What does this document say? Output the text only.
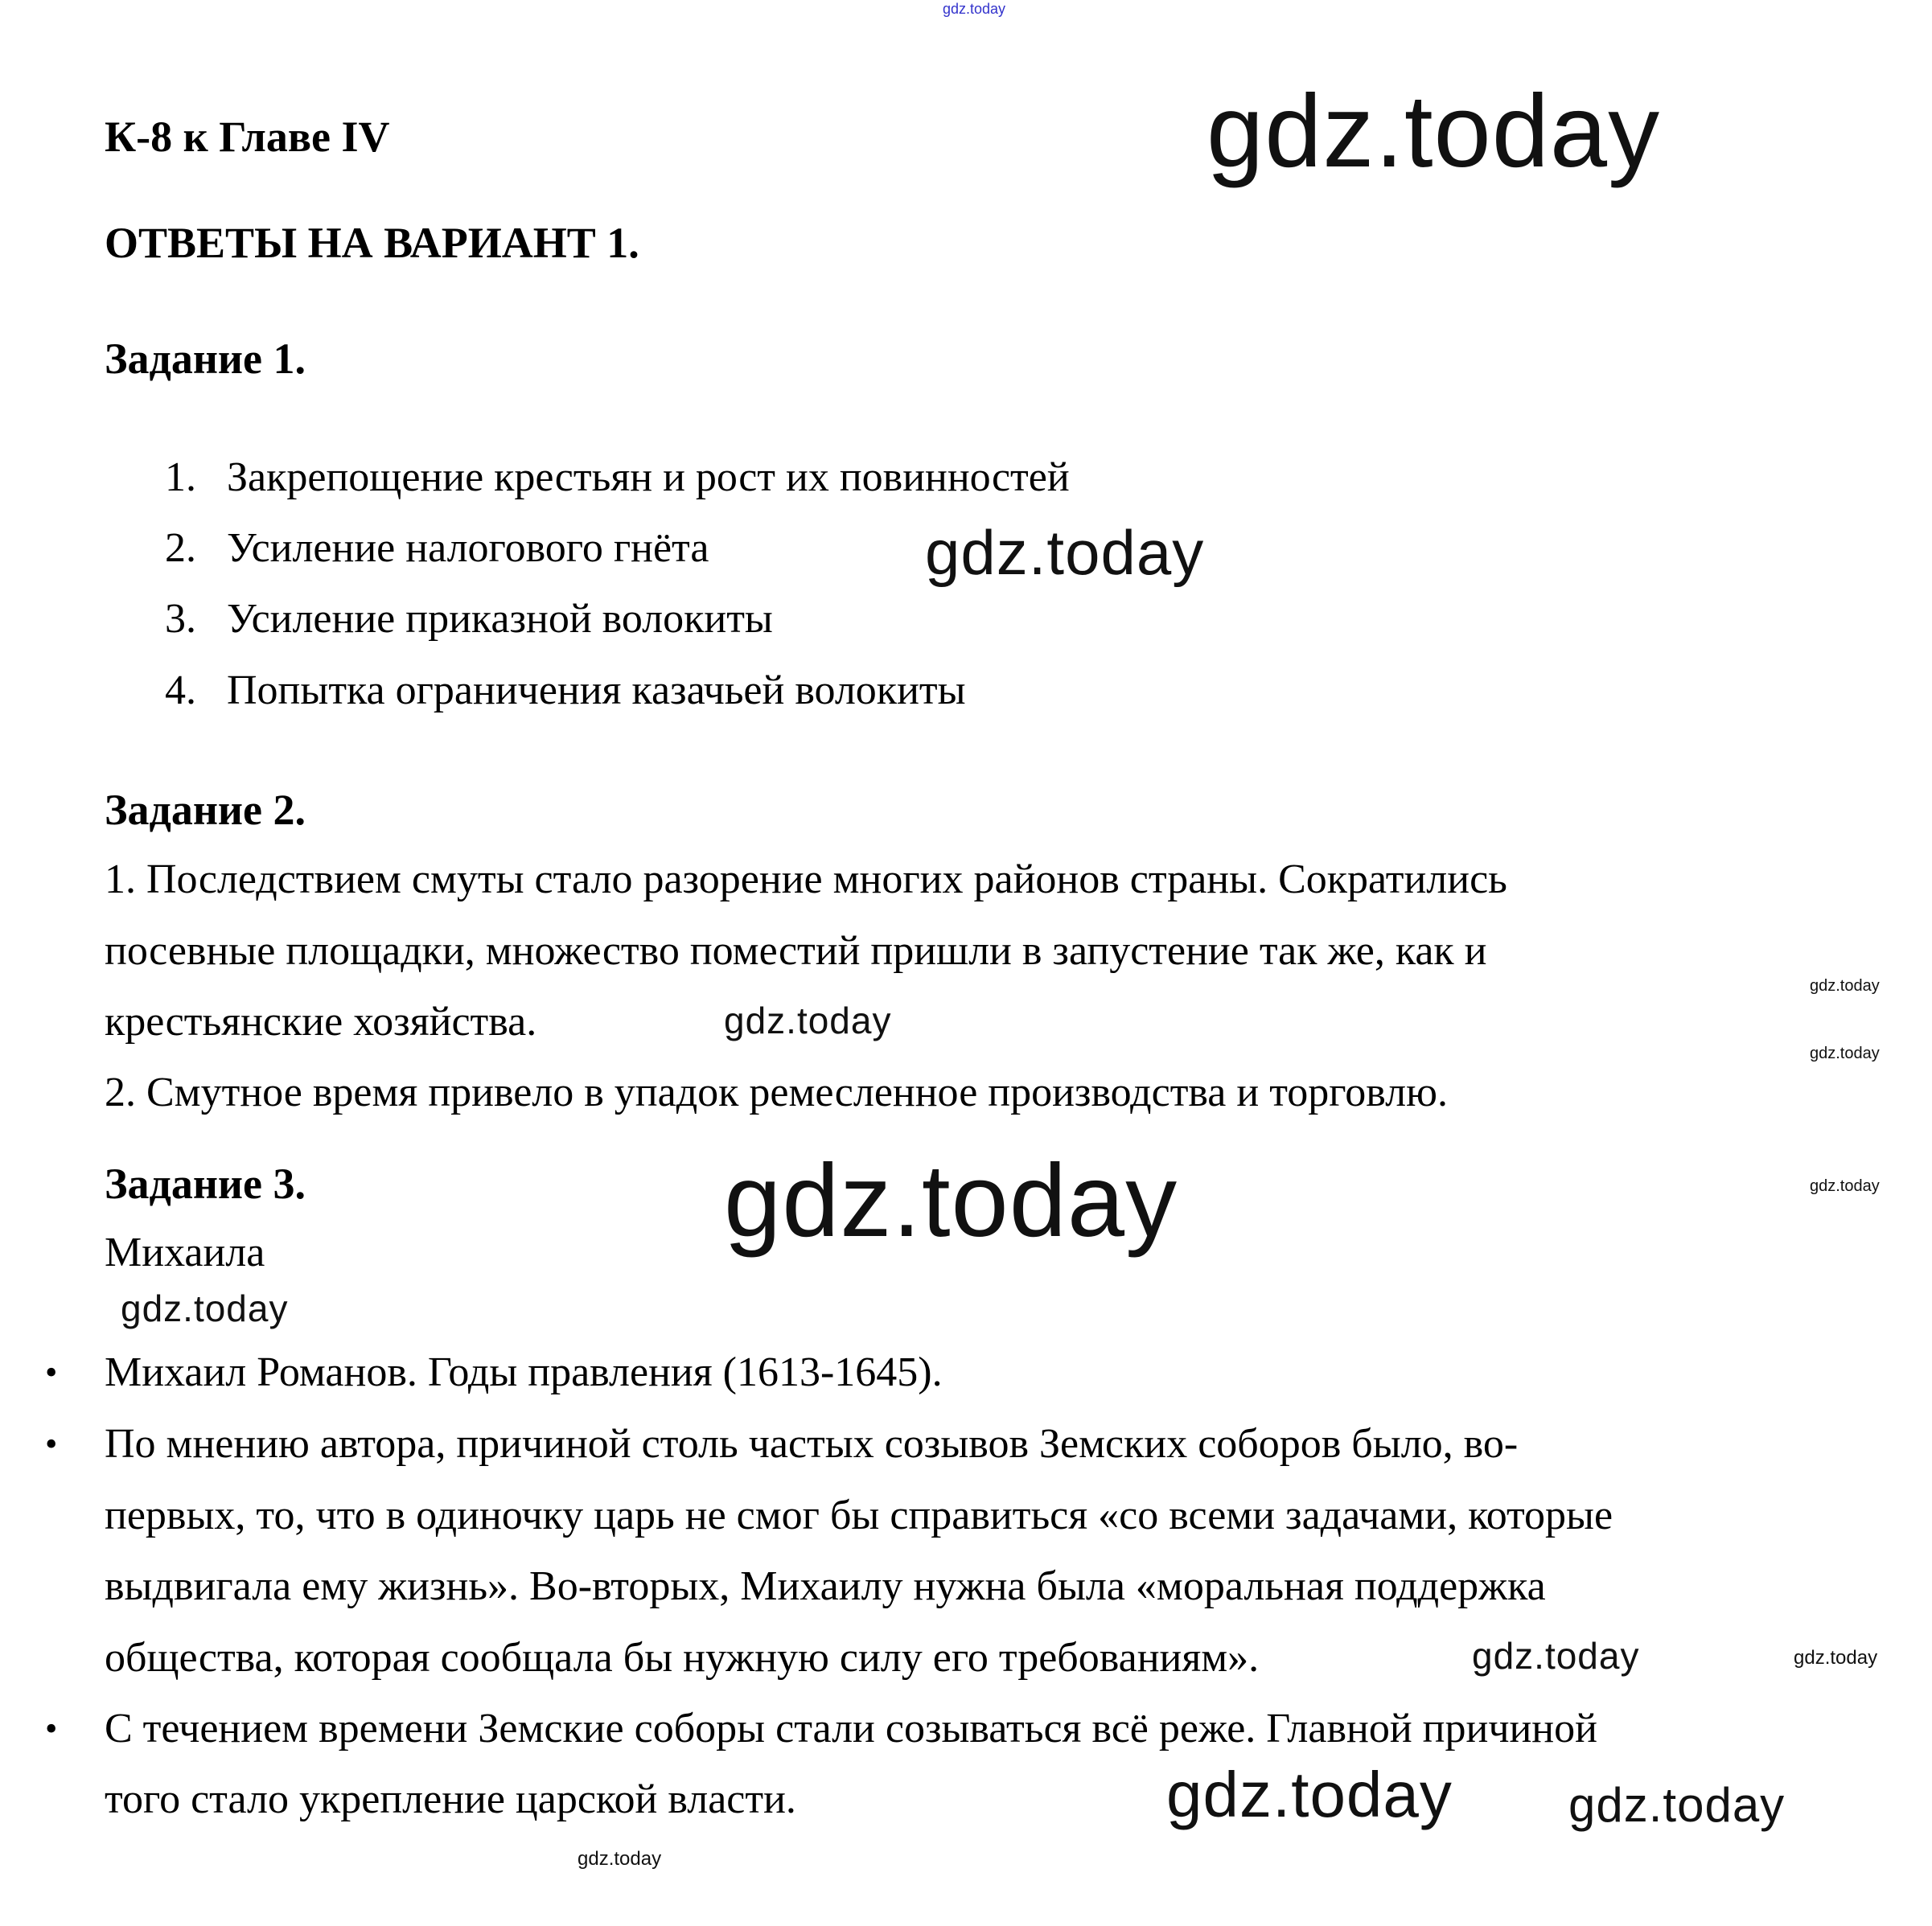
gdz.today
К-8 к Главе IV
ОТВЕТЫ НА ВАРИАНТ 1.
Задание 1.
1. Закрепощение крестьян и рост их повинностей
2. Усиление налогового гнёта
3. Усиление приказной волокиты
4. Попытка ограничения казачьей волокиты
Задание 2.
1. Последствием смуты стало разорение многих районов страны. Сократились
посевные площадки, множество поместий пришли в запустение так же, как и
крестьянские хозяйства.
2. Смутное время привело в упадок ремесленное производства и торговлю.
Задание 3.
Михаила
• Михаил Романов. Годы правления (1613-1645).
• По мнению автора, причиной столь частых созывов Земских соборов было, во-
первых, то, что в одиночку царь не смог бы справиться «со всеми задачами, которые
выдвигала ему жизнь». Во-вторых, Михаилу нужна была «моральная поддержка
общества, которая сообщала бы нужную силу его требованиям».
• С течением времени Земские соборы стали созываться всё реже. Главной причиной
того стало укрепление царской власти.
gdz.today
gdz.today
gdz.today
gdz.today
gdz.today
gdz.today
gdz.today
gdz.today
gdz.today	gdz.today
gdz.today
gdz.today
gdz.today
